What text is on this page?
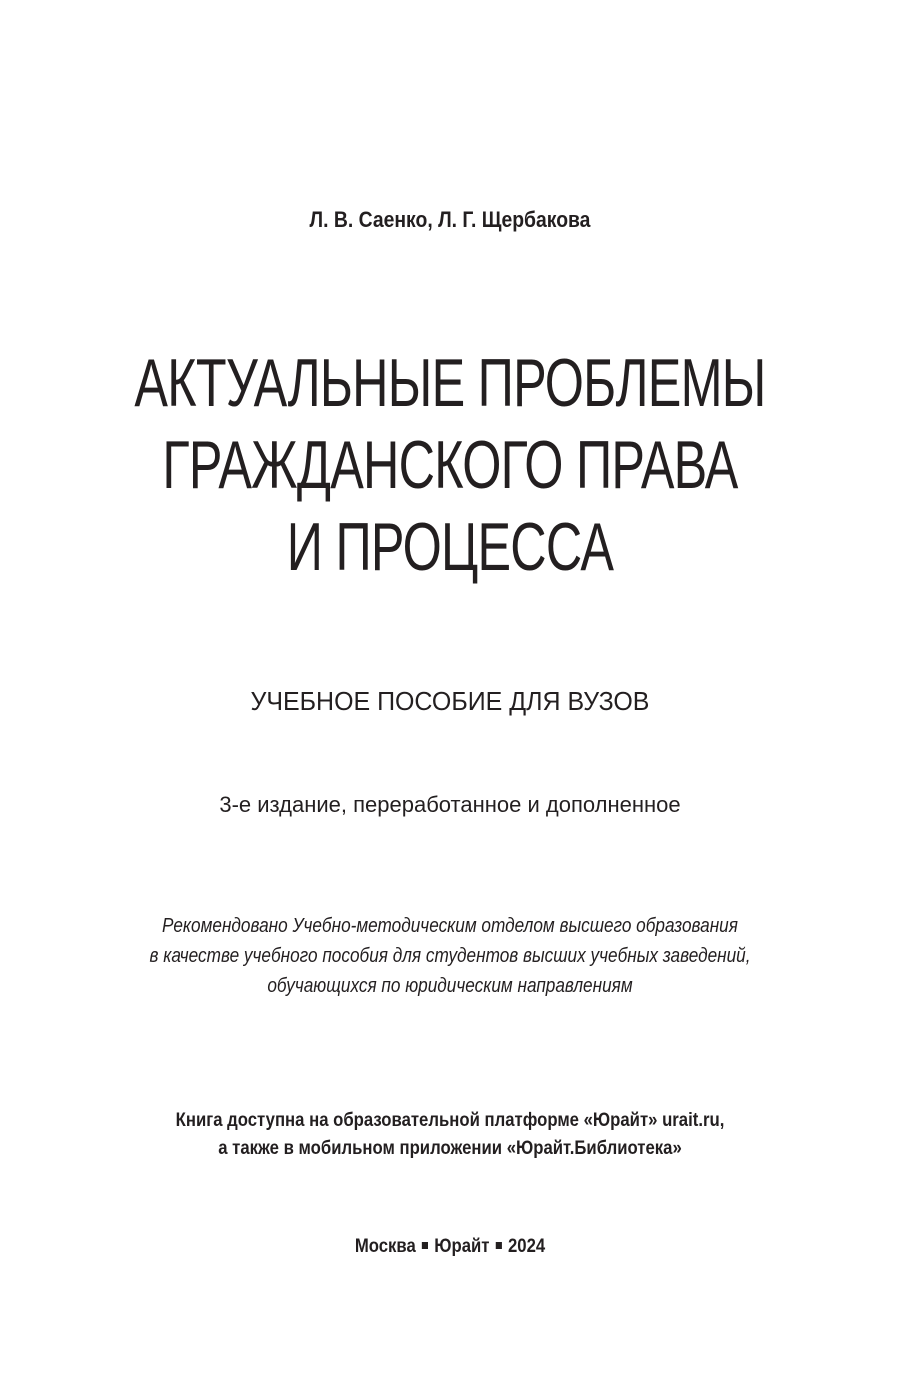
Л. В. Саенко, Л. Г. Щербакова
АКТУАЛЬНЫЕ ПРОБЛЕМЫ
ГРАЖДАНСКОГО ПРАВА
И ПРОЦЕССА
УЧЕБНОЕ ПОСОБИЕ ДЛЯ ВУЗОВ
3-е издание, переработанное и дополненное
Рекомендовано Учебно-методическим отделом высшего образования
в качестве учебного пособия для студентов высших учебных заведений,
обучающихся по юридическим направлениям
Книга доступна на образовательной платформе «Юрайт» urait.ru,
а также в мобильном приложении «Юрайт.Библиотека»
Москва Юрайт 2024
